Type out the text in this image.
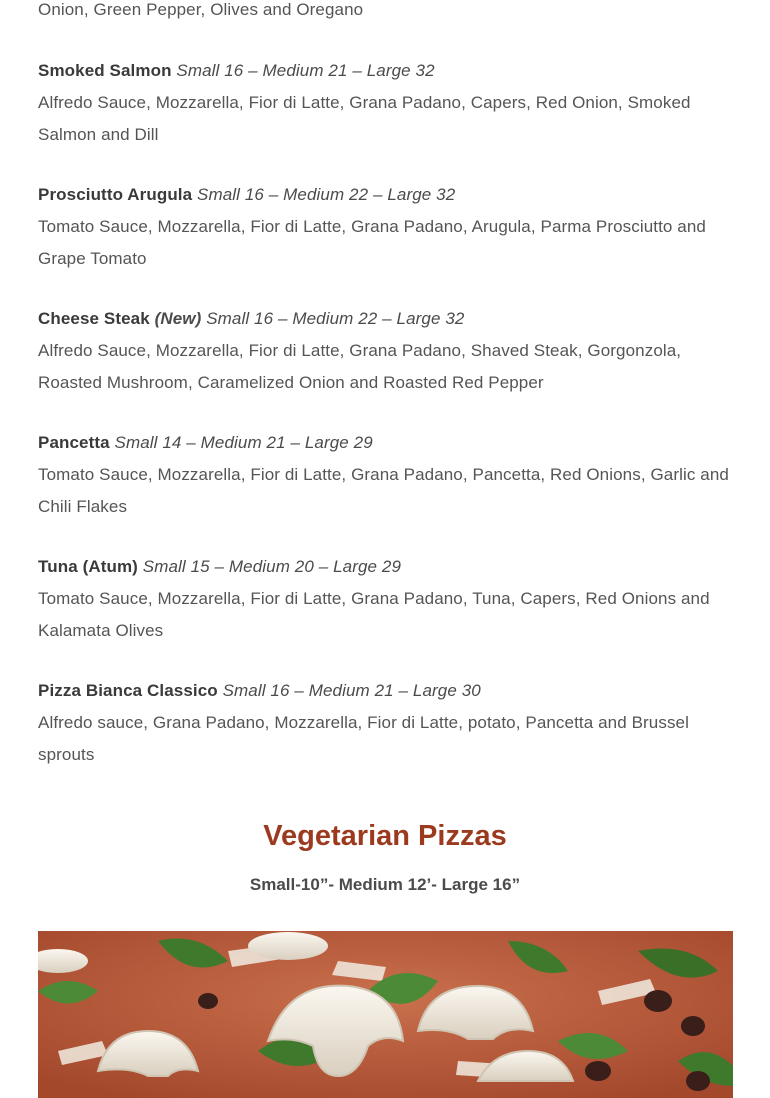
Onion, Green Pepper, Olives and Oregano

Smoked Salmon Small 16 – Medium 21 – Large 32

Alfredo Sauce, Mozzarella, Fior di Latte, Grana Padano, Capers, Red Onion, Smoked

Salmon and Dill

Prosciutto Arugula Small 16 – Medium 22 – Large 32

Tomato Sauce, Mozzarella, Fior di Latte, Grana Padano, Arugula, Parma Prosciutto and

Grape Tomato

Cheese Steak (New) Small 16 – Medium 22 – Large 32

Alfredo Sauce, Mozzarella, Fior di Latte, Grana Padano, Shaved Steak, Gorgonzola,

Roasted Mushroom, Caramelized Onion and Roasted Red Pepper

Pancetta Small 14 – Medium 21 – Large 29

Tomato Sauce, Mozzarella, Fior di Latte, Grana Padano, Pancetta, Red Onions, Garlic and

Chili Flakes

Tuna (Atum) Small 15 – Medium 20 – Large 29

Tomato Sauce, Mozzarella, Fior di Latte, Grana Padano, Tuna, Capers, Red Onions and

Kalamata Olives

Pizza Bianca Classico Small 16 – Medium 21 – Large 30

Alfredo sauce, Grana Padano, Mozzarella, Fior di Latte, potato, Pancetta and Brussel

sprouts

Vegetarian Pizzas

Small-10”- Medium 12’- Large 16”
